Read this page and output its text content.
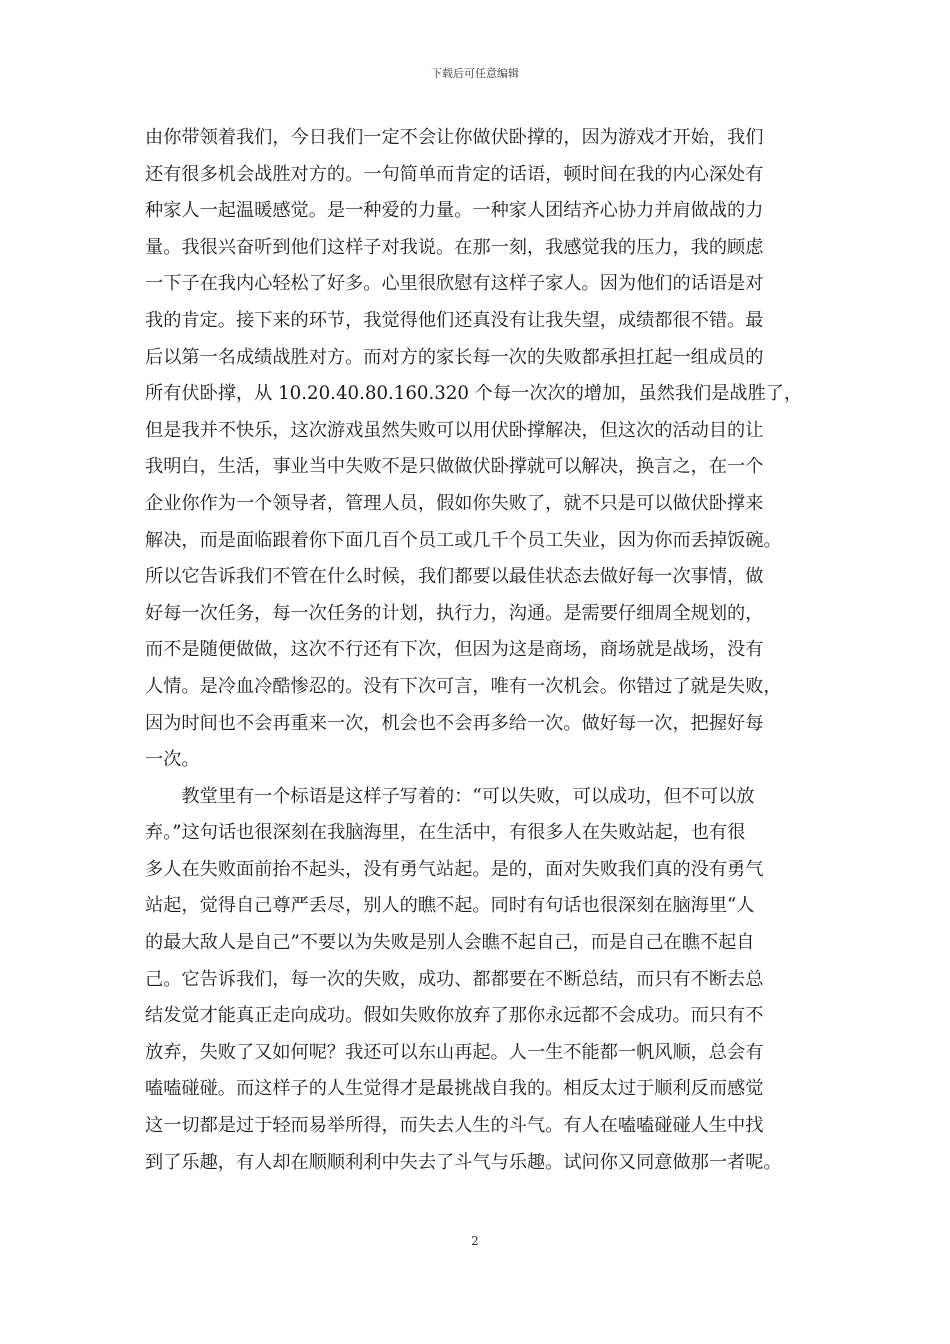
下载后可任意编辑
由你带领着我们，今日我们一定不会让你做伏卧撑的，因为游戏才开始，我们
还有很多机会战胜对方的。一句简单而肯定的话语，顿时间在我的内心深处有
种家人一起温暖感觉。是一种爱的力量。一种家人团结齐心协力并肩做战的力
量。我很兴奋听到他们这样子对我说。在那一刻，我感觉我的压力，我的顾虑
一下子在我内心轻松了好多。心里很欣慰有这样子家人。因为他们的话语是对
我的肯定。接下来的环节，我觉得他们还真没有让我失望，成绩都很不错。最
后以第一名成绩战胜对方。而对方的家长每一次的失败都承担扛起一组成员的
所有伏卧撑，从 10.20.40.80.160.320 个每一次次的增加，虽然我们是战胜了，
但是我并不快乐，这次游戏虽然失败可以用伏卧撑解决，但这次的活动目的让
我明白，生活，事业当中失败不是只做做伏卧撑就可以解决，换言之，在一个
企业你作为一个领导者，管理人员，假如你失败了，就不只是可以做伏卧撑来
解决，而是面临跟着你下面几百个员工或几千个员工失业，因为你而丢掉饭碗。
所以它告诉我们不管在什么时候，我们都要以最佳状态去做好每一次事情，做
好每一次任务，每一次任务的计划，执行力，沟通。是需要仔细周全规划的，
而不是随便做做，这次不行还有下次，但因为这是商场，商场就是战场，没有
人情。是冷血冷酷惨忍的。没有下次可言，唯有一次机会。你错过了就是失败，
因为时间也不会再重来一次，机会也不会再多给一次。做好每一次，把握好每
一次。
　　教堂里有一个标语是这样子写着的：“可以失败，可以成功，但不可以放
弃。”这句话也很深刻在我脑海里，在生活中，有很多人在失败站起，也有很
多人在失败面前抬不起头，没有勇气站起。是的，面对失败我们真的没有勇气
站起，觉得自己尊严丢尽，别人的瞧不起。同时有句话也很深刻在脑海里“人
的最大敌人是自己”不要以为失败是别人会瞧不起自己，而是自己在瞧不起自
己。它告诉我们，每一次的失败，成功、都都要在不断总结，而只有不断去总
结发觉才能真正走向成功。假如失败你放弃了那你永远都不会成功。而只有不
放弃，失败了又如何呢？我还可以东山再起。人一生不能都一帆风顺，总会有
嗑嗑碰碰。而这样子的人生觉得才是最挑战自我的。相反太过于顺利反而感觉
这一切都是过于轻而易举所得，而失去人生的斗气。有人在嗑嗑碰碰人生中找
到了乐趣，有人却在顺顺利利中失去了斗气与乐趣。试问你又同意做那一者呢。
2
